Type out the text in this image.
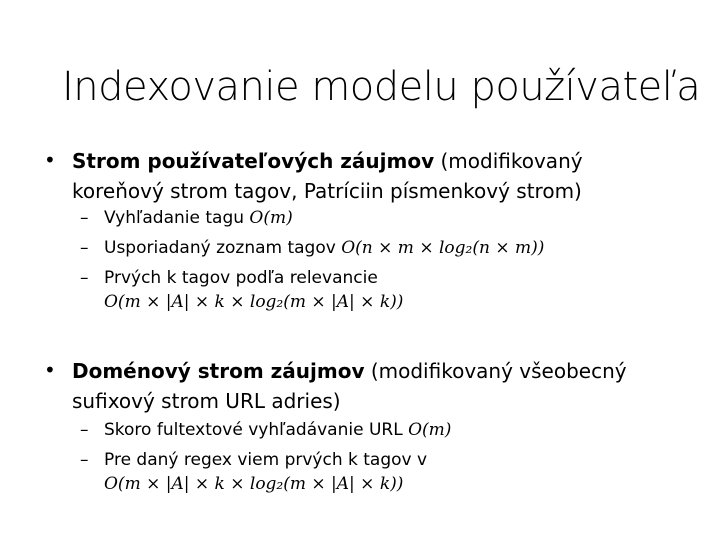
Indexovanie modelu používateľa
• Strom používateľových záujmov (modifikovaný
koreňový strom tagov, Patríciin písmenkový strom)
– Vyhľadanie tagu O(m)
– Usporiadaný zoznam tagov O(n × m × log₂(n × m))
– Prvých k tagov podľa relevancie
O(m × |A| × k × log₂(m × |A| × k))
• Doménový strom záujmov (modifikovaný všeobecný
sufixový strom URL adries)
– Skoro fultextové vyhľadávanie URL O(m)
– Pre daný regex viem prvých k tagov v
O(m × |A| × k × log₂(m × |A| × k))
